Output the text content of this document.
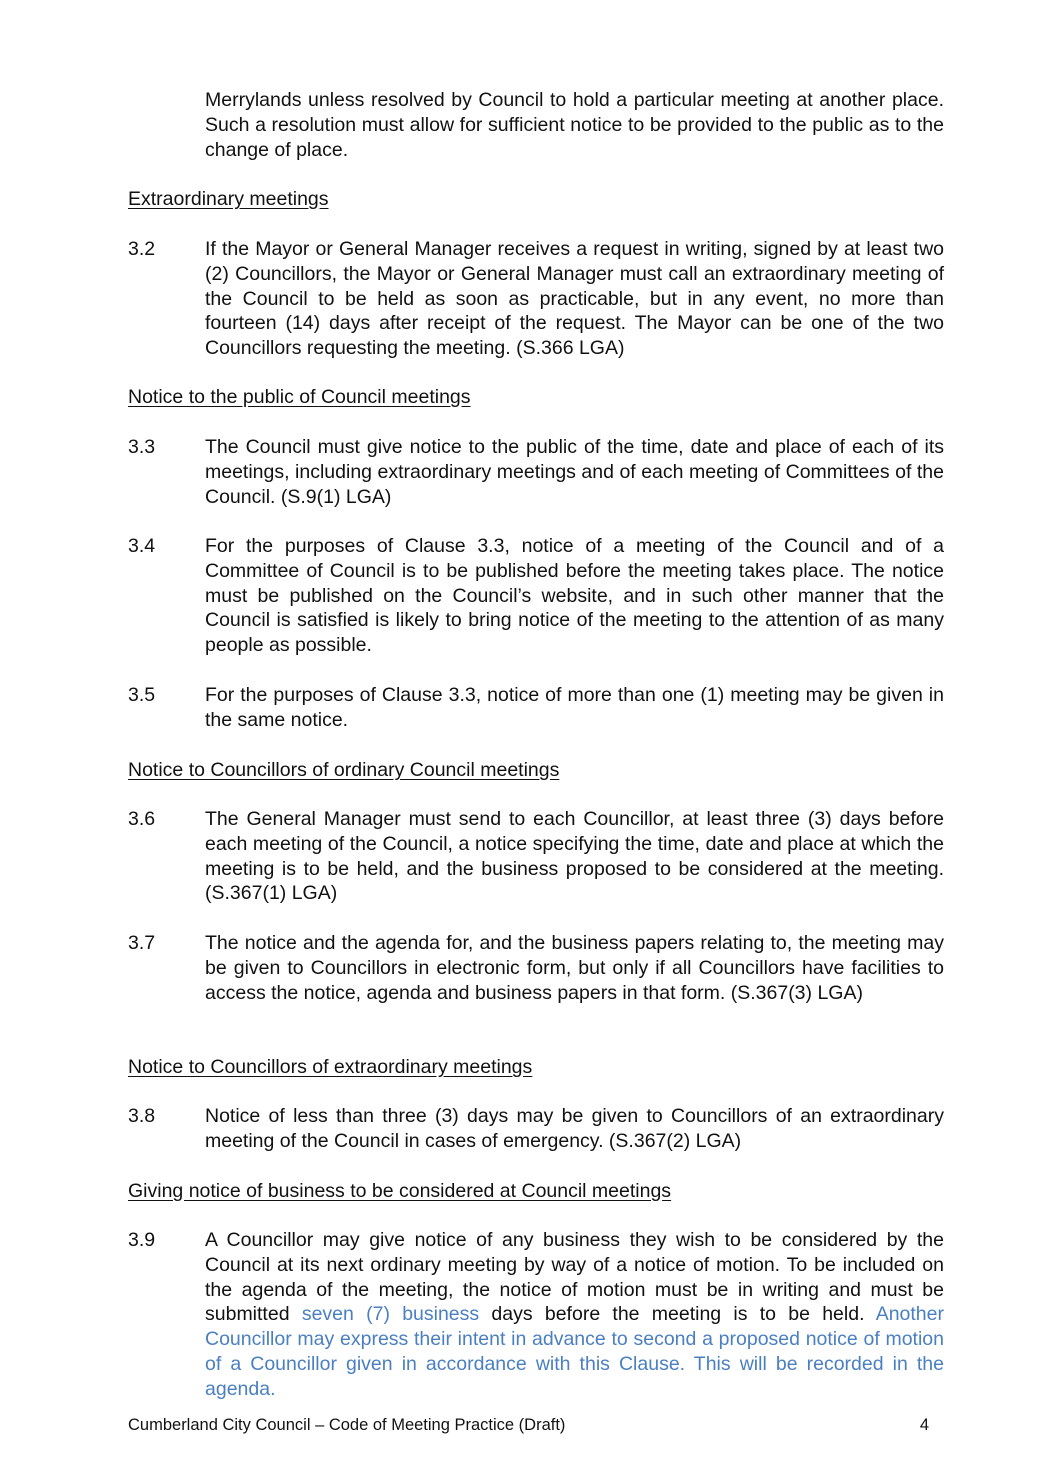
Merrylands unless resolved by Council to hold a particular meeting at another place. Such a resolution must allow for sufficient notice to be provided to the public as to the change of place.
Extraordinary meetings
3.2	If the Mayor or General Manager receives a request in writing, signed by at least two (2) Councillors, the Mayor or General Manager must call an extraordinary meeting of the Council to be held as soon as practicable, but in any event, no more than fourteen (14) days after receipt of the request. The Mayor can be one of the two Councillors requesting the meeting. (S.366 LGA)
Notice to the public of Council meetings
3.3	The Council must give notice to the public of the time, date and place of each of its meetings, including extraordinary meetings and of each meeting of Committees of the Council. (S.9(1) LGA)
3.4	For the purposes of Clause 3.3, notice of a meeting of the Council and of a Committee of Council is to be published before the meeting takes place. The notice must be published on the Council’s website, and in such other manner that the Council is satisfied is likely to bring notice of the meeting to the attention of as many people as possible.
3.5	For the purposes of Clause 3.3, notice of more than one (1) meeting may be given in the same notice.
Notice to Councillors of ordinary Council meetings
3.6	The General Manager must send to each Councillor, at least three (3) days before each meeting of the Council, a notice specifying the time, date and place at which the meeting is to be held, and the business proposed to be considered at the meeting. (S.367(1) LGA)
3.7	The notice and the agenda for, and the business papers relating to, the meeting may be given to Councillors in electronic form, but only if all Councillors have facilities to access the notice, agenda and business papers in that form. (S.367(3) LGA)
Notice to Councillors of extraordinary meetings
3.8	Notice of less than three (3) days may be given to Councillors of an extraordinary meeting of the Council in cases of emergency. (S.367(2) LGA)
Giving notice of business to be considered at Council meetings
3.9	A Councillor may give notice of any business they wish to be considered by the Council at its next ordinary meeting by way of a notice of motion. To be included on the agenda of the meeting, the notice of motion must be in writing and must be submitted seven (7) business days before the meeting is to be held. Another Councillor may express their intent in advance to second a proposed notice of motion of a Councillor given in accordance with this Clause. This will be recorded in the agenda.
Cumberland City Council – Code of Meeting Practice (Draft)	4
